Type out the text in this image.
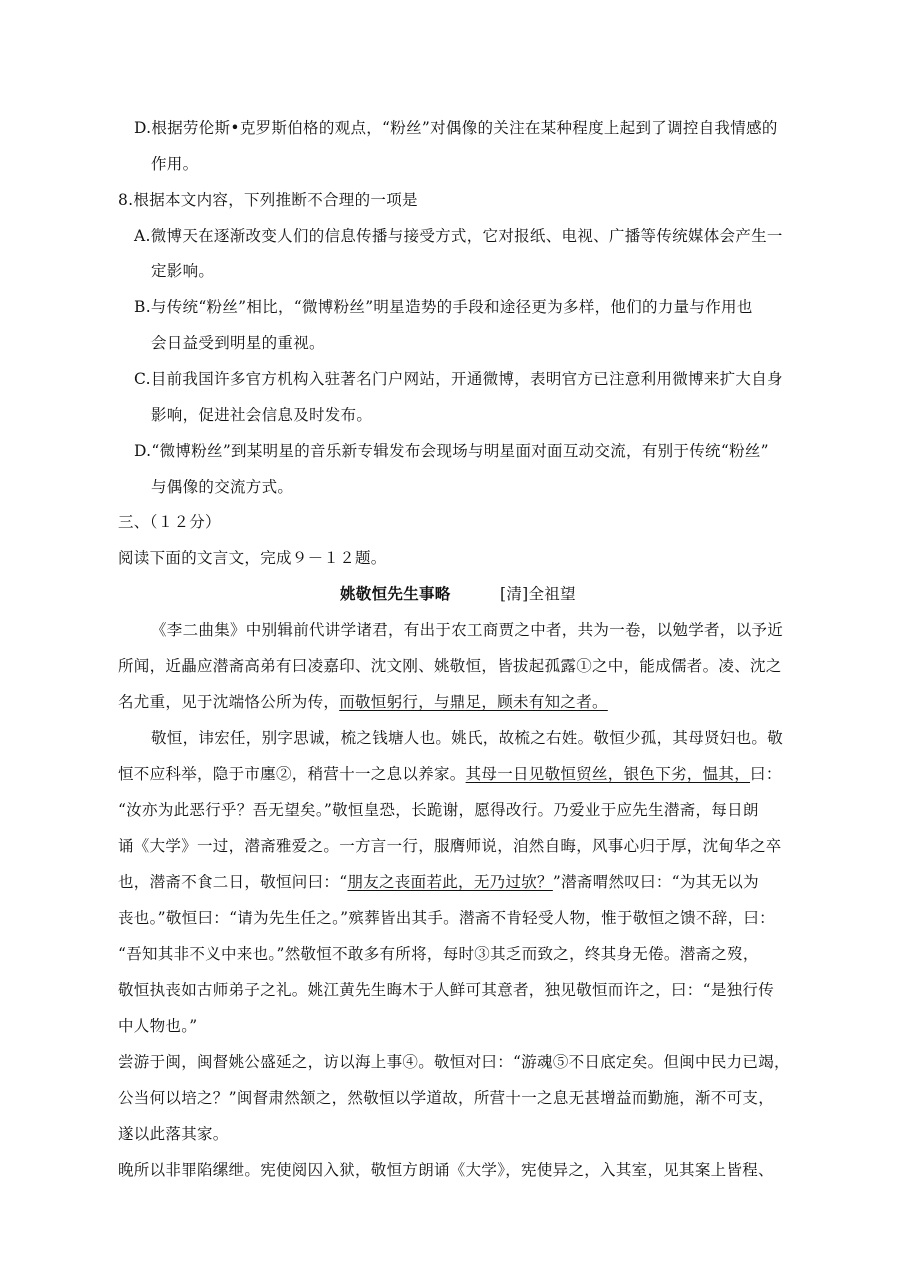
D.根据劳伦斯•克罗斯伯格的观点，“粉丝”对偶像的关注在某种程度上起到了调控自我情感的
作用。
8.根据本文内容，下列推断不合理的一项是
A.微博天在逐渐改变人们的信息传播与接受方式，它对报纸、电视、广播等传统媒体会产生一
定影响。
B.与传统“粉丝”相比，“微博粉丝”明星造势的手段和途径更为多样，他们的力量与作用也
会日益受到明星的重视。
C.目前我国许多官方机构入驻著名门户网站，开通微博，表明官方已注意利用微博来扩大自身
影响，促进社会信息及时发布。
D.“微博粉丝”到某明星的音乐新专辑发布会现场与明星面对面互动交流，有别于传统“粉丝”
与偶像的交流方式。
三、（１２分）
阅读下面的文言文，完成９－１２题。
姚敬恒先生事略	[清]全祖望
《李二曲集》中别辑前代讲学诸君，有出于农工商贾之中者，共为一卷，以勉学者，以予近
所闻，近畾应潜斋高弟有曰凌嘉印、沈文刚、姚敬恒，皆拔起孤露①之中，能成儒者。凌、沈之
名尤重，见于沈端恪公所为传，而敬恒躬行，与鼎足，顾未有知之者。
敬恒，讳宏任，别字思诚，梳之钱塘人也。姚氏，故梳之右姓。敬恒少孤，其母贤妇也。敬
恒不应科举，隐于市廛②，稍营十一之息以养家。其母一日见敬恒贸丝，银色下劣，愠其，曰：
“汝亦为此恶行乎？吾无望矣。”敬恒皇恐，长跪谢，愿得改行。乃爱业于应先生潜斋，每日朗
诵《大学》一过，潜斋雅爱之。一方言一行，服膺师说，洎然自晦，风事心归于厚，沈甸华之卒
也，潜斋不食二日，敬恒问曰：“朋友之丧面若此，无乃过欤？”潜斋喟然叹曰：“为其无以为
丧也。”敬恒曰：“请为先生任之。”殡葬皆出其手。潜斋不肯轻受人物，惟于敬恒之馈不辞，曰：
“吾知其非不义中来也。”然敬恒不敢多有所将，每时③其乏而致之，终其身无倦。潜斋之歿，
敬恒执丧如古师弟子之礼。姚江黄先生晦木于人鲜可其意者，独见敬恒而许之，曰：“是独行传
中人物也。”
尝游于闽，闽督姚公盛延之，访以海上事④。敬恒对曰：“游魂⑤不日底定矣。但闽中民力已竭，
公当何以培之？”闽督肃然颔之，然敬恒以学道故，所营十一之息无甚增益而勤施，渐不可支，
遂以此落其家。
晚所以非罪陷缧绁。宪使阅囚入狱，敬恒方朗诵《大学》，宪使异之，入其室，见其案上皆程、
